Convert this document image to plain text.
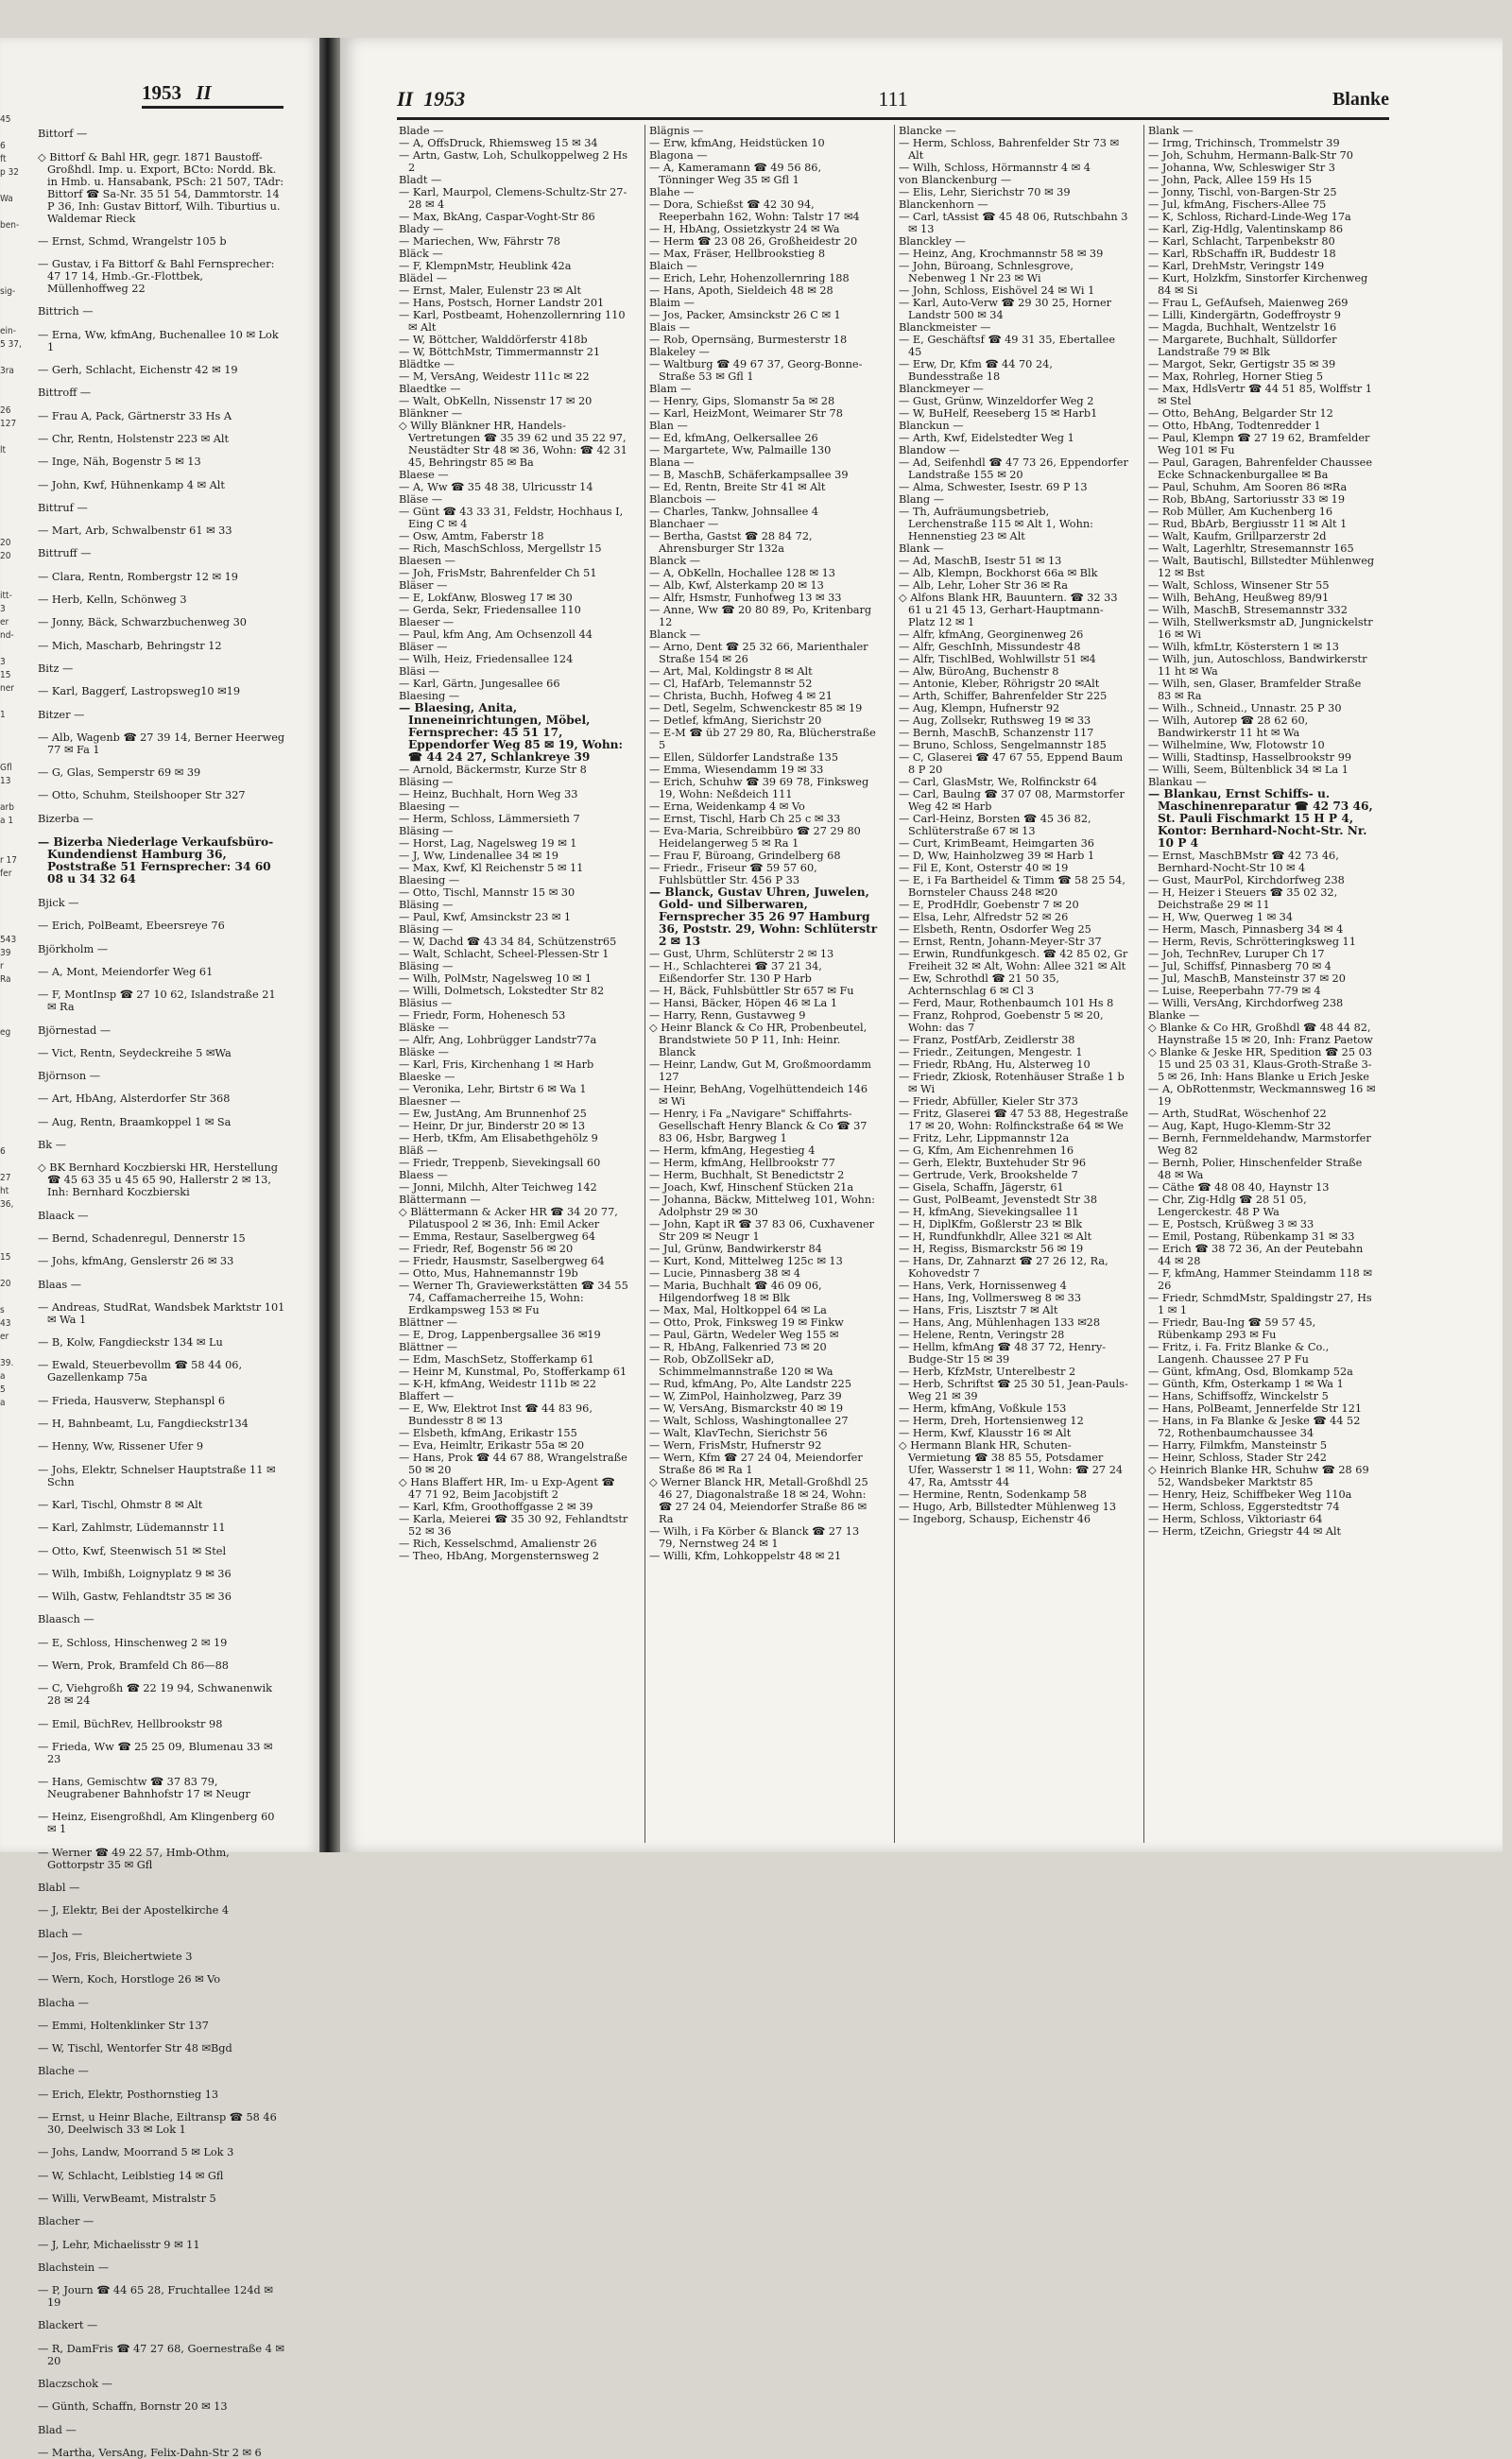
1953 II
45

6
ft
p 32

Wa

ben-

sig-

ein-
5 37,

3ra

26
127

lt

20
20

itt-
3
er
nd-

3
15
ner

1

Gfl
13

arb
a 1

r 17
fer

543
39
r
Ra

eg

6

27
ht
36,

15

20

s
43
er

39.
a
5
a

Bittorf —

◇ Bittorf & Bahl HR, gegr. 1871 Baustoff-Großhdl. Imp. u. Export, BCto: Nordd. Bk. in Hmb. u. Hansabank, PSch: 21 507, TAdr: Bittorf ☎ Sa-Nr. 35 51 54, Dammtorstr. 14 P 36, Inh: Gustav Bittorf, Wilh. Tiburtius u. Waldemar Rieck

— Ernst, Schmd, Wrangelstr 105 b

— Gustav, i Fa Bittorf & Bahl Fernsprecher: 47 17 14, Hmb.-Gr.-Flottbek, Müllenhoffweg 22

Bittrich —

— Erna, Ww, kfmAng, Buchenallee 10 ✉ Lok 1

— Gerh, Schlacht, Eichenstr 42 ✉ 19

Bittroff —

— Frau A, Pack, Gärtnerstr 33 Hs A

— Chr, Rentn, Holstenstr 223 ✉ Alt

— Inge, Näh, Bogenstr 5 ✉ 13

— John, Kwf, Hühnenkamp 4 ✉ Alt

Bittruf —

— Mart, Arb, Schwalbenstr 61 ✉ 33

Bittruff —

— Clara, Rentn, Rombergstr 12 ✉ 19

— Herb, Kelln, Schönweg 3

— Jonny, Bäck, Schwarzbuchenweg 30

— Mich, Mascharb, Behringstr 12

Bitz —

— Karl, Baggerf, Lastropsweg10 ✉19

Bitzer —

— Alb, Wagenb ☎ 27 39 14, Berner Heerweg 77 ✉ Fa 1

— G, Glas, Semperstr 69 ✉ 39

— Otto, Schuhm, Steilshooper Str 327

Bizerba —

— Bizerba Niederlage Verkaufsbüro-Kundendienst Hamburg 36, Poststraße 51 Fernsprecher: 34 60 08 u 34 32 64

Bjick —

— Erich, PolBeamt, Ebeersreye 76

Björkholm —

— A, Mont, Meiendorfer Weg 61

— F, MontInsp ☎ 27 10 62, Islandstraße 21 ✉ Ra

Björnestad —

— Vict, Rentn, Seydeckreihe 5 ✉Wa

Björnson —

— Art, HbAng, Alsterdorfer Str 368

— Aug, Rentn, Braamkoppel 1 ✉ Sa

Bk —

◇ BK Bernhard Koczbierski HR, Herstellung ☎ 45 63 35 u 45 65 90, Hallerstr 2 ✉ 13, Inh: Bernhard Koczbierski

Blaack —

— Bernd, Schadenregul, Dennerstr 15

— Johs, kfmAng, Genslerstr 26 ✉ 33

Blaas —

— Andreas, StudRat, Wandsbek Marktstr 101 ✉ Wa 1

— B, Kolw, Fangdieckstr 134 ✉ Lu

— Ewald, Steuerbevollm ☎ 58 44 06, Gazellenkamp 75a

— Frieda, Hausverw, Stephanspl 6

— H, Bahnbeamt, Lu, Fangdieckstr134

— Henny, Ww, Rissener Ufer 9

— Johs, Elektr, Schnelser Hauptstraße 11 ✉ Schn

— Karl, Tischl, Ohmstr 8 ✉ Alt

— Karl, Zahlmstr, Lüdemannstr 11

— Otto, Kwf, Steenwisch 51 ✉ Stel

— Wilh, Imbißh, Loignyplatz 9 ✉ 36

— Wilh, Gastw, Fehlandtstr 35 ✉ 36

Blaasch —

— E, Schloss, Hinschenweg 2 ✉ 19

— Wern, Prok, Bramfeld Ch 86—88

— C, Viehgroßh ☎ 22 19 94, Schwanenwik 28 ✉ 24

— Emil, BüchRev, Hellbrookstr 98

— Frieda, Ww ☎ 25 25 09, Blumenau 33 ✉ 23

— Hans, Gemischtw ☎ 37 83 79, Neugrabener Bahnhofstr 17 ✉ Neugr

— Heinz, Eisengroßhdl, Am Klingenberg 60 ✉ 1

— Werner ☎ 49 22 57, Hmb-Othm, Gottorpstr 35 ✉ Gfl

Blabl —

— J, Elektr, Bei der Apostelkirche 4

Blach —

— Jos, Fris, Bleichertwiete 3

— Wern, Koch, Horstloge 26 ✉ Vo

Blacha —

— Emmi, Holtenklinker Str 137

— W, Tischl, Wentorfer Str 48 ✉Bgd

Blache —

— Erich, Elektr, Posthornstieg 13

— Ernst, u Heinr Blache, Eiltransp ☎ 58 46 30, Deelwisch 33 ✉ Lok 1

— Johs, Landw, Moorrand 5 ✉ Lok 3

— W, Schlacht, Leiblstieg 14 ✉ Gfl

— Willi, VerwBeamt, Mistralstr 5

Blacher —

— J, Lehr, Michaelisstr 9 ✉ 11

Blachstein —

— P, Journ ☎ 44 65 28, Fruchtallee 124d ✉ 19

Blackert —

— R, DamFris ☎ 47 27 68, Goernestraße 4 ✉ 20

Blaczschok —

— Günth, Schaffn, Bornstr 20 ✉ 13

Blad —

— Martha, VersAng, Felix-Dahn-Str 2 ✉ 6

II 1953	111	Blanke

Blade —

— A, OffsDruck, Rhiemsweg 15 ✉ 34

— Artn, Gastw, Loh, Schulkoppelweg 2 Hs 2

Bladt —

— Karl, Maurpol, Clemens-Schultz-Str 27-28 ✉ 4

— Max, BkAng, Caspar-Voght-Str 86

Blady —

— Mariechen, Ww, Fährstr 78

Bläck —

— F, KlempnMstr, Heublink 42a

Blädel —

— Ernst, Maler, Eulenstr 23 ✉ Alt

— Hans, Postsch, Horner Landstr 201

— Karl, Postbeamt, Hohenzollernring 110 ✉ Alt

— W, Böttcher, Walddörferstr 418b

— W, BöttchMstr, Timmermannstr 21

Blädtke —

— M, VersAng, Weidestr 111c ✉ 22

Blaedtke —

— Walt, ObKelln, Nissenstr 17 ✉ 20

Blänkner —

◇ Willy Blänkner HR, Handels-Vertretungen ☎ 35 39 62 und 35 22 97, Neustädter Str 48 ✉ 36, Wohn: ☎ 42 31 45, Behringstr 85 ✉ Ba

Blaese —

— A, Ww ☎ 35 48 38, Ulricusstr 14

Bläse —

— Günt ☎ 43 33 31, Feldstr, Hochhaus I, Eing C ✉ 4

— Osw, Amtm, Faberstr 18

— Rich, MaschSchloss, Mergellstr 15

Blaesen —

— Joh, FrisMstr, Bahrenfelder Ch 51

Bläser —

— E, LokfAnw, Blosweg 17 ✉ 30

— Gerda, Sekr, Friedensallee 110

Blaeser —

— Paul, kfm Ang, Am Ochsenzoll 44

Bläser —

— Wilh, Heiz, Friedensallee 124

Bläsi —

— Karl, Gärtn, Jungesallee 66

Blaesing —

— Blaesing, Anita, Inneneinrichtungen, Möbel, Fernsprecher: 45 51 17, Eppendorfer Weg 85 ✉ 19, Wohn: ☎ 44 24 27, Schlankreye 39

— Arnold, Bäckermstr, Kurze Str 8

Bläsing —

— Heinz, Buchhalt, Horn Weg 33

Blaesing —

— Herm, Schloss, Lämmersieth 7

Bläsing —

— Horst, Lag, Nagelsweg 19 ✉ 1

— J, Ww, Lindenallee 34 ✉ 19

— Max, Kwf, Kl Reichenstr 5 ✉ 11

Blaesing —

— Otto, Tischl, Mannstr 15 ✉ 30

Bläsing —

— Paul, Kwf, Amsinckstr 23 ✉ 1

Bläsing —

— W, Dachd ☎ 43 34 84, Schützenstr65

— Walt, Schlacht, Scheel-Plessen-Str 1

Bläsing —

— Wilh, PolMstr, Nagelsweg 10 ✉ 1

— Willi, Dolmetsch, Lokstedter Str 82

Bläsius —

— Friedr, Form, Hohenesch 53

Bläske —

— Alfr, Ang, Lohbrügger Landstr77a

Bläske —

— Karl, Fris, Kirchenhang 1 ✉ Harb

Blaeske —

— Veronika, Lehr, Birtstr 6 ✉ Wa 1

Blaesner —

— Ew, JustAng, Am Brunnenhof 25

— Heinr, Dr jur, Binderstr 20 ✉ 13

— Herb, tKfm, Am Elisabethgehölz 9

Bläß —

— Friedr, Treppenb, Sievekingsall 60

Blaess —

— Jonni, Milchh, Alter Teichweg 142

Blättermann —

◇ Blättermann & Acker HR ☎ 34 20 77, Pilatuspool 2 ✉ 36, Inh: Emil Acker

— Emma, Restaur, Saselbergweg 64

— Friedr, Ref, Bogenstr 56 ✉ 20

— Friedr, Hausmstr, Saselbergweg 64

— Otto, Mus, Hahnemannstr 19b

— Werner Th, Graviewerkstätten ☎ 34 55 74, Caffamacherreihe 15, Wohn: Erdkampsweg 153 ✉ Fu

Blättner —

— E, Drog, Lappenbergsallee 36 ✉19

Blättner —

— Edm, MaschSetz, Stofferkamp 61

— Heinr M, Kunstmal, Po, Stofferkamp 61

— K-H, kfmAng, Weidestr 111b ✉ 22

Blaffert —

— E, Ww, Elektrot Inst ☎ 44 83 96, Bundesstr 8 ✉ 13

— Elsbeth, kfmAng, Erikastr 155

— Eva, Heimltr, Erikastr 55a ✉ 20

— Hans, Prok ☎ 44 67 88, Wrangelstraße 50 ✉ 20

◇ Hans Blaffert HR, Im- u Exp-Agent ☎ 47 71 92, Beim Jacobjstift 2

— Karl, Kfm, Groothoffgasse 2 ✉ 39

— Karla, Meierei ☎ 35 30 92, Fehlandtstr 52 ✉ 36

— Rich, Kesselschmd, Amalienstr 26

— Theo, HbAng, Morgensternsweg 2

Blägnis —

— Erw, kfmAng, Heidstücken 10

Blagona —

— A, Kameramann ☎ 49 56 86, Tönninger Weg 35 ✉ Gfl 1

Blahe —

— Dora, Schießst ☎ 42 30 94, Reeperbahn 162, Wohn: Talstr 17 ✉4

— H, HbAng, Ossietzkystr 24 ✉ Wa

— Herm ☎ 23 08 26, Großheidestr 20

— Max, Fräser, Hellbrookstieg 8

Blaich —

— Erich, Lehr, Hohenzollernring 188

— Hans, Apoth, Sieldeich 48 ✉ 28

Blaim —

— Jos, Packer, Amsinckstr 26 C ✉ 1

Blais —

— Rob, Opernsäng, Burmesterstr 18

Blakeley —

— Waltburg ☎ 49 67 37, Georg-Bonne-Straße 53 ✉ Gfl 1

Blam —

— Henry, Gips, Slomanstr 5a ✉ 28

— Karl, HeizMont, Weimarer Str 78

Blan —

— Ed, kfmAng, Oelkersallee 26

— Margartete, Ww, Palmaille 130

Blana —

— B, MaschB, Schäferkampsallee 39

— Ed, Rentn, Breite Str 41 ✉ Alt

Blancbois —

— Charles, Tankw, Johnsallee 4

Blanchaer —

— Bertha, Gastst ☎ 28 84 72, Ahrensburger Str 132a

Blanck —

— A, ObKelln, Hochallee 128 ✉ 13

— Alb, Kwf, Alsterkamp 20 ✉ 13

— Alfr, Hsmstr, Funhofweg 13 ✉ 33

— Anne, Ww ☎ 20 80 89, Po, Kritenbarg 12

Blanck —

— Arno, Dent ☎ 25 32 66, Marienthaler Straße 154 ✉ 26

— Art, Mal, Koldingstr 8 ✉ Alt

— Cl, HafArb, Telemannstr 52

— Christa, Buchh, Hofweg 4 ✉ 21

— Detl, Segelm, Schwenckestr 85 ✉ 19

— Detlef, kfmAng, Sierichstr 20

— E-M ☎ üb 27 29 80, Ra, Blücherstraße 5

— Ellen, Süldorfer Landstraße 135

— Emma, Wiesendamm 19 ✉ 33

— Erich, Schuhw ☎ 39 69 78, Finksweg 19, Wohn: Neßdeich 111

— Erna, Weidenkamp 4 ✉ Vo

— Ernst, Tischl, Harb Ch 25 c ✉ 33

— Eva-Maria, Schreibbüro ☎ 27 29 80 Heidelangerweg 5 ✉ Ra 1

— Frau F, Büroang, Grindelberg 68

— Friedr., Friseur ☎ 59 57 60, Fuhlsbüttler Str. 456 P 33

— Blanck, Gustav Uhren, Juwelen, Gold- und Silberwaren, Fernsprecher 35 26 97 Hamburg 36, Poststr. 29, Wohn: Schlüterstr 2 ✉ 13

— Gust, Uhrm, Schlüterstr 2 ✉ 13

— H., Schlachterei ☎ 37 21 34, Eißendorfer Str. 130 P Harb

— H, Bäck, Fuhlsbüttler Str 657 ✉ Fu

— Hansi, Bäcker, Höpen 46 ✉ La 1

— Harry, Renn, Gustavweg 9

◇ Heinr Blanck & Co HR, Probenbeutel, Brandstwiete 50 P 11, Inh: Heinr. Blanck

— Heinr, Landw, Gut M, Großmoordamm 127

— Heinr, BehAng, Vogelhüttendeich 146 ✉ Wi

— Henry, i Fa „Navigare" Schiffahrts-Gesellschaft Henry Blanck & Co ☎ 37 83 06, Hsbr, Bargweg 1

— Herm, kfmAng, Hegestieg 4

— Herm, kfmAng, Hellbrookstr 77

— Herm, Buchhalt, St Benedictstr 2

— Joach, Kwf, Hinschenf Stücken 21a

— Johanna, Bäckw, Mittelweg 101, Wohn: Adolphstr 29 ✉ 30

— John, Kapt iR ☎ 37 83 06, Cuxhavener Str 209 ✉ Neugr 1

— Jul, Grünw, Bandwirkerstr 84

— Kurt, Kond, Mittelweg 125c ✉ 13

— Lucie, Pinnasberg 38 ✉ 4

— Maria, Buchhalt ☎ 46 09 06, Hilgendorfweg 18 ✉ Blk

— Max, Mal, Holtkoppel 64 ✉ La

— Otto, Prok, Finksweg 19 ✉ Finkw

— Paul, Gärtn, Wedeler Weg 155 ✉

— R, HbAng, Falkenried 73 ✉ 20

— Rob, ObZollSekr aD, Schimmelmannstraße 120 ✉ Wa

— Rud, kfmAng, Po, Alte Landstr 225

— W, ZimPol, Hainholzweg, Parz 39

— W, VersAng, Bismarckstr 40 ✉ 19

— Walt, Schloss, Washingtonallee 27

— Walt, KlavTechn, Sierichstr 56

— Wern, FrisMstr, Hufnerstr 92

— Wern, Kfm ☎ 27 24 04, Meiendorfer Straße 86 ✉ Ra 1

◇ Werner Blanck HR, Metall-Großhdl 25 46 27, Diagonalstraße 18 ✉ 24, Wohn: ☎ 27 24 04, Meiendorfer Straße 86 ✉ Ra

— Wilh, i Fa Körber & Blanck ☎ 27 13 79, Nernstweg 24 ✉ 1

— Willi, Kfm, Lohkoppelstr 48 ✉ 21

Blancke —

— Herm, Schloss, Bahrenfelder Str 73 ✉ Alt

— Wilh, Schloss, Hörmannstr 4 ✉ 4

von Blanckenburg —

— Elis, Lehr, Sierichstr 70 ✉ 39

Blanckenhorn —

— Carl, tAssist ☎ 45 48 06, Rutschbahn 3 ✉ 13

Blanckley —

— Heinz, Ang, Krochmannstr 58 ✉ 39

— John, Büroang, Schnlesgrove, Nebenweg 1 Nr 23 ✉ Wi

— John, Schloss, Eishövel 24 ✉ Wi 1

— Karl, Auto-Verw ☎ 29 30 25, Horner Landstr 500 ✉ 34

Blanckmeister —

— E, Geschäftsf ☎ 49 31 35, Ebertallee 45

— Erw, Dr, Kfm ☎ 44 70 24, Bundesstraße 18

Blanckmeyer —

— Gust, Grünw, Winzeldorfer Weg 2

— W, BuHelf, Reeseberg 15 ✉ Harb1

Blanckun —

— Arth, Kwf, Eidelstedter Weg 1

Blandow —

— Ad, Seifenhdl ☎ 47 73 26, Eppendorfer Landstraße 155 ✉ 20

— Alma, Schwester, Isestr. 69 P 13

Blang —

— Th, Aufräumungsbetrieb, Lerchenstraße 115 ✉ Alt 1, Wohn: Hennenstieg 23 ✉ Alt

Blank —

— Ad, MaschB, Isestr 51 ✉ 13

— Alb, Klempn, Bockhorst 66a ✉ Blk

— Alb, Lehr, Loher Str 36 ✉ Ra

◇ Alfons Blank HR, Bauuntern. ☎ 32 33 61 u 21 45 13, Gerhart-Hauptmann-Platz 12 ✉ 1

— Alfr, kfmAng, Georginenweg 26

— Alfr, GeschInh, Missundestr 48

— Alfr, TischlBed, Wohlwillstr 51 ✉4

— Alw, BüroAng, Buchenstr 8

— Antonie, Kleber, Röhrigstr 20 ✉Alt

— Arth, Schiffer, Bahrenfelder Str 225

— Aug, Klempn, Hufnerstr 92

— Aug, Zollsekr, Ruthsweg 19 ✉ 33

— Bernh, MaschB, Schanzenstr 117

— Bruno, Schloss, Sengelmannstr 185

— C, Glaserei ☎ 47 67 55, Eppend Baum 8 P 20

— Carl, GlasMstr, We, Rolfinckstr 64

— Carl, Baulng ☎ 37 07 08, Marmstorfer Weg 42 ✉ Harb

— Carl-Heinz, Borsten ☎ 45 36 82, Schlüterstraße 67 ✉ 13

— Curt, KrimBeamt, Heimgarten 36

— D, Ww, Hainholzweg 39 ✉ Harb 1

— Fil E, Kont, Osterstr 40 ✉ 19

— E, i Fa Bartheidel & Timm ☎ 58 25 54, Bornsteler Chauss 248 ✉20

— E, ProdHdlr, Goebenstr 7 ✉ 20

— Elsa, Lehr, Alfredstr 52 ✉ 26

— Elsbeth, Rentn, Osdorfer Weg 25

— Ernst, Rentn, Johann-Meyer-Str 37

— Erwin, Rundfunkgesch. ☎ 42 85 02, Gr Freiheit 32 ✉ Alt, Wohn: Allee 321 ✉ Alt

— Ew, Schrothdl ☎ 21 50 35, Achternschlag 6 ✉ Cl 3

— Ferd, Maur, Rothenbaumch 101 Hs 8

— Franz, Rohprod, Goebenstr 5 ✉ 20, Wohn: das 7

— Franz, PostfArb, Zeidlerstr 38

— Friedr., Zeitungen, Mengestr. 1

— Friedr, RbAng, Hu, Alsterweg 10

— Friedr, Zkiosk, Rotenhäuser Straße 1 b ✉ Wi

— Friedr, Abfüller, Kieler Str 373

— Fritz, Glaserei ☎ 47 53 88, Hegestraße 17 ✉ 20, Wohn: Rolfinckstraße 64 ✉ We

— Fritz, Lehr, Lippmannstr 12a

— G, Kfm, Am Eichenrehmen 16

— Gerh, Elektr, Buxtehuder Str 96

— Gertrude, Verk, Brookshelde 7

— Gisela, Schaffn, Jägerstr, 61

— Gust, PolBeamt, Jevenstedt Str 38

— H, kfmAng, Sievekingsallee 11

— H, DiplKfm, Goßlerstr 23 ✉ Blk

— H, Rundfunkhdlr, Allee 321 ✉ Alt

— H, Regiss, Bismarckstr 56 ✉ 19

— Hans, Dr, Zahnarzt ☎ 27 26 12, Ra, Kohovedstr 7

— Hans, Verk, Hornissenweg 4

— Hans, Ing, Vollmersweg 8 ✉ 33

— Hans, Fris, Lisztstr 7 ✉ Alt

— Hans, Ang, Mühlenhagen 133 ✉28

— Helene, Rentn, Veringstr 28

— Hellm, kfmAng ☎ 48 37 72, Henry-Budge-Str 15 ✉ 39

— Herb, KfzMstr, Unterelbestr 2

— Herb, Schriftst ☎ 25 30 51, Jean-Pauls-Weg 21 ✉ 39

— Herm, kfmAng, Voßkule 153

— Herm, Dreh, Hortensienweg 12

— Herm, Kwf, Klausstr 16 ✉ Alt

◇ Hermann Blank HR, Schuten-Vermietung ☎ 38 85 55, Potsdamer Ufer, Wasserstr 1 ✉ 11, Wohn: ☎ 27 24 47, Ra, Amtsstr 44

— Hermine, Rentn, Sodenkamp 58

— Hugo, Arb, Billstedter Mühlenweg 13

— Ingeborg, Schausp, Eichenstr 46

Blank —

— Irmg, Trichinsch, Trommelstr 39

— Joh, Schuhm, Hermann-Balk-Str 70

— Johanna, Ww, Schleswiger Str 3

— John, Pack, Allee 159 Hs 15

— Jonny, Tischl, von-Bargen-Str 25

— Jul, kfmAng, Fischers-Allee 75

— K, Schloss, Richard-Linde-Weg 17a

— Karl, Zig-Hdlg, Valentinskamp 86

— Karl, Schlacht, Tarpenbekstr 80

— Karl, RbSchaffn iR, Buddestr 18

— Karl, DrehMstr, Veringstr 149

— Kurt, Holzkfm, Sinstorfer Kirchenweg 84 ✉ Si

— Frau L, GefAufseh, Maienweg 269

— Lilli, Kindergärtn, Godeffroystr 9

— Magda, Buchhalt, Wentzelstr 16

— Margarete, Buchhalt, Sülldorfer Landstraße 79 ✉ Blk

— Margot, Sekr, Gertigstr 35 ✉ 39

— Max, Rohrleg, Horner Stieg 5

— Max, HdlsVertr ☎ 44 51 85, Wolffstr 1 ✉ Stel

— Otto, BehAng, Belgarder Str 12

— Otto, HbAng, Todtenredder 1

— Paul, Klempn ☎ 27 19 62, Bramfelder Weg 101 ✉ Fu

— Paul, Garagen, Bahrenfelder Chaussee Ecke Schnackenburgallee ✉ Ba

— Paul, Schuhm, Am Sooren 86 ✉Ra

— Rob, BbAng, Sartoriusstr 33 ✉ 19

— Rob Müller, Am Kuchenberg 16

— Rud, BbArb, Bergiusstr 11 ✉ Alt 1

— Walt, Kaufm, Grillparzerstr 2d

— Walt, Lagerhltr, Stresemannstr 165

— Walt, Bautischl, Billstedter Mühlenweg 12 ✉ Bst

— Walt, Schloss, Winsener Str 55

— Wilh, BehAng, Heußweg 89/91

— Wilh, MaschB, Stresemannstr 332

— Wilh, Stellwerksmstr aD, Jungnickelstr 16 ✉ Wi

— Wilh, kfmLtr, Kösterstern 1 ✉ 13

— Wilh, jun, Autoschloss, Bandwirkerstr 11 ht ✉ Wa

— Wilh, sen, Glaser, Bramfelder Straße 83 ✉ Ra

— Wilh., Schneid., Unnastr. 25 P 30

— Wilh, Autorep ☎ 28 62 60, Bandwirkerstr 11 ht ✉ Wa

— Wilhelmine, Ww, Flotowstr 10

— Willi, Stadtinsp, Hasselbrookstr 99

— Willi, Seem, Bültenblick 34 ✉ La 1

Blankau —

— Blankau, Ernst Schiffs- u. Maschinenreparatur ☎ 42 73 46, St. Pauli Fischmarkt 15 H P 4, Kontor: Bernhard-Nocht-Str. Nr. 10 P 4

— Ernst, MaschBMstr ☎ 42 73 46, Bernhard-Nocht-Str 10 ✉ 4

— Gust, MaurPol, Kirchdorfweg 238

— H, Heizer i Steuers ☎ 35 02 32, Deichstraße 29 ✉ 11

— H, Ww, Querweg 1 ✉ 34

— Herm, Masch, Pinnasberg 34 ✉ 4

— Herm, Revis, Schrötteringksweg 11

— Joh, TechnRev, Luruper Ch 17

— Jul, Schiffsf, Pinnasberg 70 ✉ 4

— Jul, MaschB, Mansteinstr 37 ✉ 20

— Luise, Reeperbahn 77-79 ✉ 4

— Willi, VersAng, Kirchdorfweg 238

Blanke —

◇ Blanke & Co HR, Großhdl ☎ 48 44 82, Haynstraße 15 ✉ 20, Inh: Franz Paetow

◇ Blanke & Jeske HR, Spedition ☎ 25 03 15 und 25 03 31, Klaus-Groth-Straße 3-5 ✉ 26, Inh: Hans Blanke u Erich Jeske

— A, ObRottenmstr, Weckmannsweg 16 ✉ 19

— Arth, StudRat, Wöschenhof 22

— Aug, Kapt, Hugo-Klemm-Str 32

— Bernh, Fernmeldehandw, Marmstorfer Weg 82

— Bernh, Polier, Hinschenfelder Straße 48 ✉ Wa

— Cäthe ☎ 48 08 40, Haynstr 13

— Chr, Zig-Hdlg ☎ 28 51 05, Lengerckestr. 48 P Wa

— E, Postsch, Krüßweg 3 ✉ 33

— Emil, Postang, Rübenkamp 31 ✉ 33

— Erich ☎ 38 72 36, An der Peutebahn 44 ✉ 28

— F, kfmAng, Hammer Steindamm 118 ✉ 26

— Friedr, SchmdMstr, Spaldingstr 27, Hs 1 ✉ 1

— Friedr, Bau-Ing ☎ 59 57 45, Rübenkamp 293 ✉ Fu

— Fritz, i. Fa. Fritz Blanke & Co., Langenh. Chaussee 27 P Fu

— Günt, kfmAng, Osd, Blomkamp 52a

— Günth, Kfm, Osterkamp 1 ✉ Wa 1

— Hans, Schiffsoffz, Winckelstr 5

— Hans, PolBeamt, Jennerfelde Str 121

— Hans, in Fa Blanke & Jeske ☎ 44 52 72, Rothenbaumchaussee 34

— Harry, Filmkfm, Mansteinstr 5

— Heinr, Schloss, Stader Str 242

◇ Heinrich Blanke HR, Schuhw ☎ 28 69 52, Wandsbeker Marktstr 85

— Henry, Heiz, Schiffbeker Weg 110a

— Herm, Schloss, Eggerstedtstr 74

— Herm, Schloss, Viktoriastr 64

— Herm, tZeichn, Griegstr 44 ✉ Alt
